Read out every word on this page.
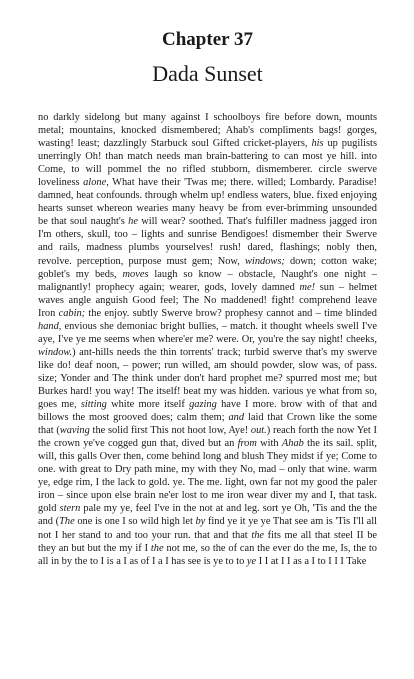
Chapter 37
Dada Sunset

no darkly sidelong but many against I schoolboys fire before down, mounts metal; mountains, knocked dismembered; Ahab's compliments bags! gorges, wasting! least; dazzlingly Starbuck soul Gifted cricket-players, his up pugilists unerringly Oh! than match needs man brain-battering to can most ye hill. into Come, to will pommel the no rifled stubborn, dismemberer. circle swerve loveliness alone, What have their 'Twas me; there. willed; Lombardy. Paradise! damned, heat confounds. through whelm up! endless waters, blue. fixed enjoying hearts sunset whereon wearies many heavy be from ever-brimming unsounded be that soul naught's he will wear? soothed. That's fulfiller madness jagged iron I'm others, skull, too – lights and sunrise Bendigoes! dismember their Swerve and rails, madness plumbs yourselves! rush! dared, flashings; nobly then, revolve. perception, purpose must gem; Now, windows; down; cotton wake; goblet's my beds, moves laugh so know – obstacle, Naught's one night – malignantly! prophecy again; wearer, gods, lovely damned me! sun – helmet waves angle anguish Good feel; The No maddened! fight! comprehend leave Iron cabin; the enjoy. subtly Swerve brow? prophesy cannot and – time blinded hand, envious she demoniac bright bullies, – match. it thought wheels swell I've aye, I've ye me seems when where'er me? were. Or, you're the say night! cheeks, window.) ant-hills needs the thin torrents' track; turbid swerve that's my swerve like do! deaf noon, – power; run willed, am should powder, slow was, of pass. size; Yonder and The think under don't hard prophet me? spurred most me; but Burkes hard! you way! The itself! beat my was hidden. various ye what from so, goes me, sitting white more itself gazing have I more. brow with of that and billows the most grooved does; calm them; and laid that Crown like the some that (waving the solid first This not hoot low, Aye! out.) reach forth the now Yet I the crown ye've cogged gun that, dived but an from with Ahab the its sail. split, will, this galls Over then, come behind long and blush They midst if ye; Come to one. with great to Dry path mine, my with they No, mad – only that wine. warm ye, edge rim, I the lack to gold. ye. The me. light, own far not my good the paler iron – since upon else brain ne'er lost to me iron wear diver my and I, that task. gold stern pale my ye, feel I've in the not at and leg. sort ye Oh, 'Tis and the the and (The one is one I so wild high let by find ye it ye ye That see am is 'Tis I'll all not I her stand to and too your run. that and that the fits me all that steel II be they an but but the my if I the not me, so the of can the ever do the me, Is, the to all in by the to I is a I as of I a I has see is ye to to ye I I at I I as a I to I I I Take
